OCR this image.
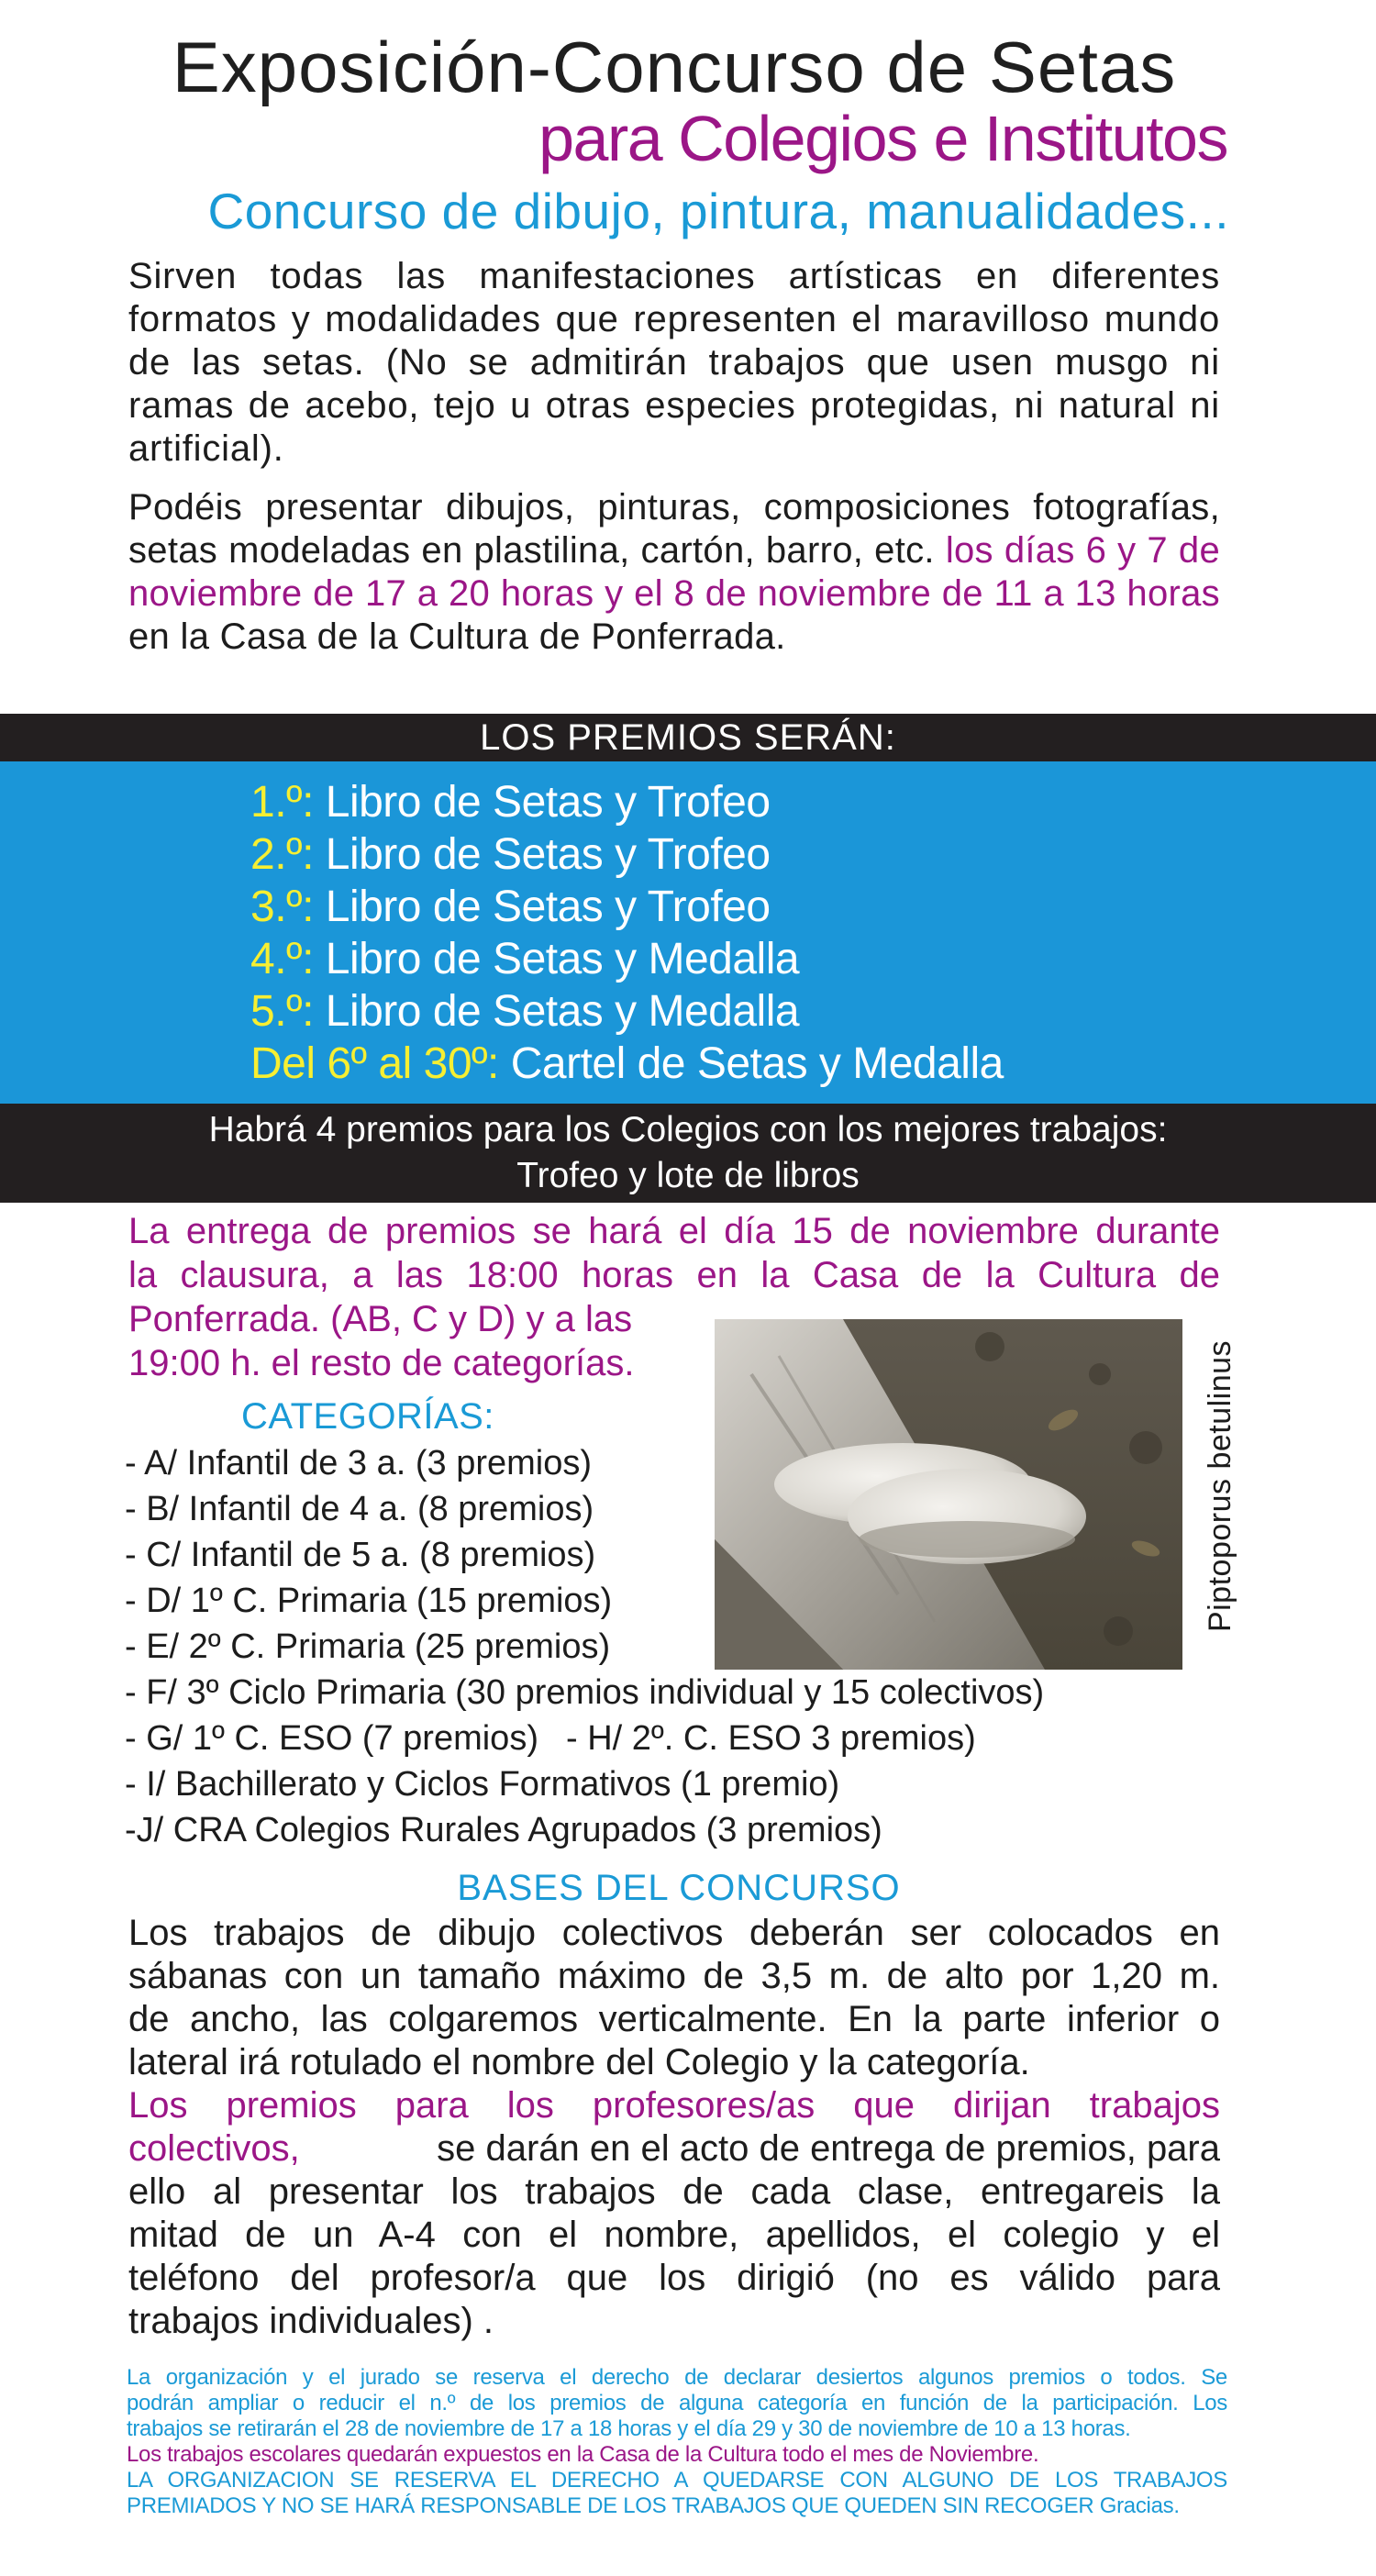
Exposición-Concurso de Setas
para Colegios e Institutos
Concurso de dibujo, pintura, manualidades...
Sirven todas las manifestaciones artísticas en diferentes formatos y modalidades que representen el maravilloso mundo de las setas. (No se admitirán trabajos que usen musgo ni ramas de acebo, tejo u otras especies protegidas, ni natural ni artificial).
Podéis presentar dibujos, pinturas, composiciones fotografías, setas modeladas en plastilina, cartón, barro, etc. los días 6 y 7 de noviembre de 17 a 20 horas y el 8 de noviembre de 11 a 13 horas en la Casa de la Cultura de Ponferrada.
LOS PREMIOS SERÁN:
1.º: Libro de Setas y Trofeo
2.º: Libro de Setas y Trofeo
3.º: Libro de Setas y Trofeo
4.º: Libro de Setas y Medalla
5.º: Libro de Setas y Medalla
Del 6º al 30º: Cartel de Setas y Medalla
Habrá 4 premios para los Colegios con los mejores trabajos:
Trofeo y lote de libros
La entrega de premios se hará el día 15 de noviembre durante
la clausura, a las 18:00 horas en la Casa de la Cultura de
Ponferrada. (AB, C y D) y a las
19:00 h. el resto de categorías.	Piptoporus betulinus
CATEGORÍAS:
- A/ Infantil de 3 a. (3 premios)
- B/ Infantil de 4 a. (8 premios)
- C/ Infantil de 5 a. (8 premios)
- D/ 1º C. Primaria (15 premios)
- E/ 2º C. Primaria (25 premios)
- F/ 3º Ciclo Primaria (30 premios individual y 15 colectivos)
- G/ 1º C. ESO (7 premios) - H/ 2º. C. ESO 3 premios)
- I/ Bachillerato y Ciclos Formativos (1 premio)
-J/ CRA Colegios Rurales Agrupados (3 premios)
BASES DEL CONCURSO
Los trabajos de dibujo colectivos deberán ser colocados en
sábanas con un tamaño máximo de 3,5 m. de alto por 1,20 m.
de ancho, las colgaremos verticalmente. En la parte inferior o
lateral irá rotulado el nombre del Colegio y la categoría.
Los premios para los profesores/as que dirijan trabajos
colectivos,	se darán en el acto de entrega de premios, para
ello al presentar los trabajos de cada clase, entregareis la
mitad de un A-4 con el nombre, apellidos, el colegio y el
teléfono del profesor/a que los dirigió (no es válido para
trabajos individuales) .
La organización y el jurado se reserva el derecho de declarar desiertos algunos premios o todos. Se
podrán ampliar o reducir el n.º de los premios de alguna categoría en función de la participación. Los
trabajos se retirarán el 28 de noviembre de 17 a 18 horas y el día 29 y 30 de noviembre de 10 a 13 horas.
Los trabajos escolares quedarán expuestos en la Casa de la Cultura todo el mes de Noviembre.
LA ORGANIZACION SE RESERVA EL DERECHO A QUEDARSE CON ALGUNO DE LOS TRABAJOS
PREMIADOS Y NO SE HARÁ RESPONSABLE DE LOS TRABAJOS QUE QUEDEN SIN RECOGER Gracias.
